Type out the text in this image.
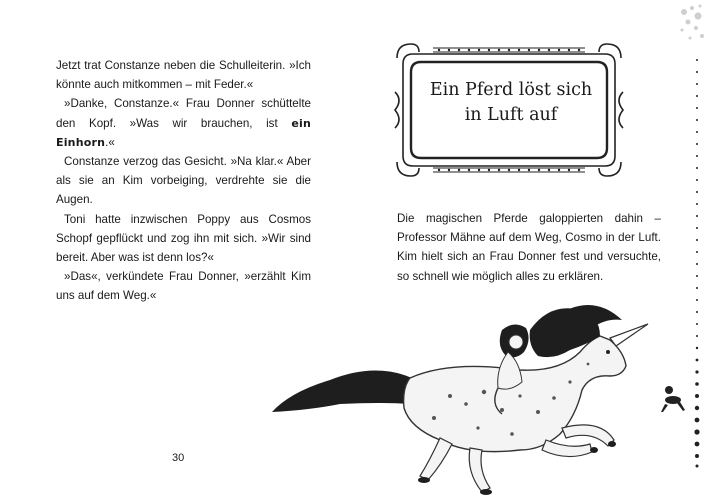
Jetzt trat Constanze neben die Schulleiterin. »Ich könnte auch mitkommen – mit Feder.«

»Danke, Constanze.« Frau Donner schüttelte den Kopf. »Was wir brauchen, ist ein Einhorn.«

Constanze verzog das Gesicht. »Na klar.« Aber als sie an Kim vorbeiging, verdrehte sie die Augen.

Toni hatte inzwischen Poppy aus Cosmos Schopf gepflückt und zog ihn mit sich. »Wir sind bereit. Aber was ist denn los?«

»Das«, verkündete Frau Donner, »erzählt Kim uns auf dem Weg.«

30
Ein Pferd löst sich
in Luft auf

Die magischen Pferde galoppierten dahin – Professor Mähne auf dem Weg, Cosmo in der Luft. Kim hielt sich an Frau Donner fest und versuchte, so schnell wie möglich alles zu erklären.
